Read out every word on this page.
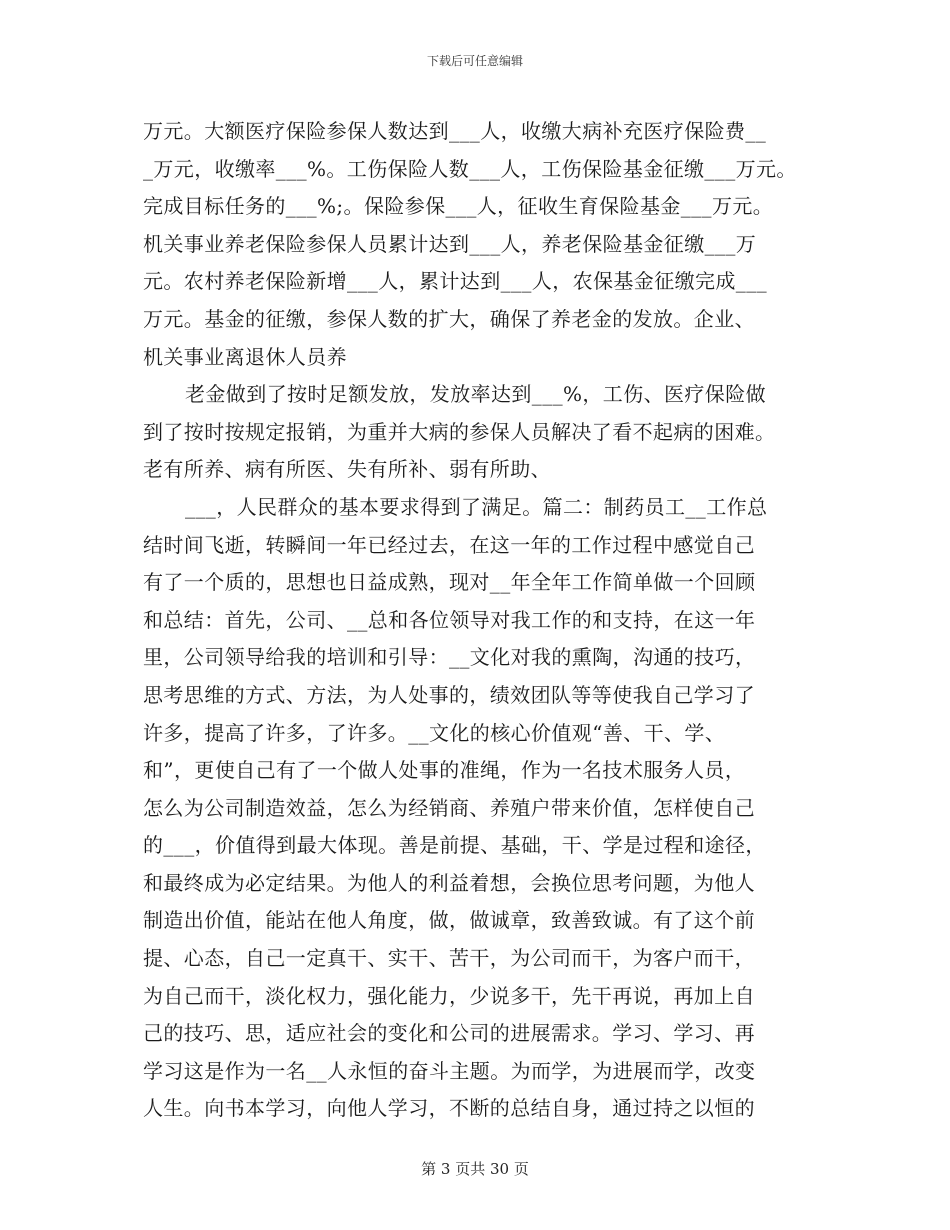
下载后可任意编辑
万元。大额医疗保险参保人数达到___人，收缴大病补充医疗保险费__
_万元，收缴率___%。工伤保险人数___人，工伤保险基金征缴___万元。
完成目标任务的___%;。保险参保___人，征收生育保险基金___万元。
机关事业养老保险参保人员累计达到___人，养老保险基金征缴___万
元。农村养老保险新增___人，累计达到___人，农保基金征缴完成___
万元。基金的征缴，参保人数的扩大，确保了养老金的发放。企业、
机关事业离退休人员养
老金做到了按时足额发放，发放率达到___%，工伤、医疗保险做
到了按时按规定报销，为重并大病的参保人员解决了看不起病的困难。
老有所养、病有所医、失有所补、弱有所助、
___，人民群众的基本要求得到了满足。篇二：制药员工__工作总
结时间飞逝，转瞬间一年已经过去，在这一年的工作过程中感觉自己
有了一个质的，思想也日益成熟，现对__年全年工作简单做一个回顾
和总结：首先，公司、__总和各位领导对我工作的和支持，在这一年
里，公司领导给我的培训和引导：__文化对我的熏陶，沟通的技巧，
思考思维的方式、方法，为人处事的，绩效团队等等使我自己学习了
许多，提高了许多，了许多。__文化的核心价值观“善、干、学、
和”，更使自己有了一个做人处事的准绳，作为一名技术服务人员，
怎么为公司制造效益，怎么为经销商、养殖户带来价值，怎样使自己
的___，价值得到最大体现。善是前提、基础，干、学是过程和途径，
和最终成为必定结果。为他人的利益着想，会换位思考问题，为他人
制造出价值，能站在他人角度，做，做诚章，致善致诚。有了这个前
提、心态，自己一定真干、实干、苦干，为公司而干，为客户而干，
为自己而干，淡化权力，强化能力，少说多干，先干再说，再加上自
己的技巧、思，适应社会的变化和公司的进展需求。学习、学习、再
学习这是作为一名__人永恒的奋斗主题。为而学，为进展而学，改变
人生。向书本学习，向他人学习，不断的总结自身，通过持之以恒的
第 3 页共 30 页
